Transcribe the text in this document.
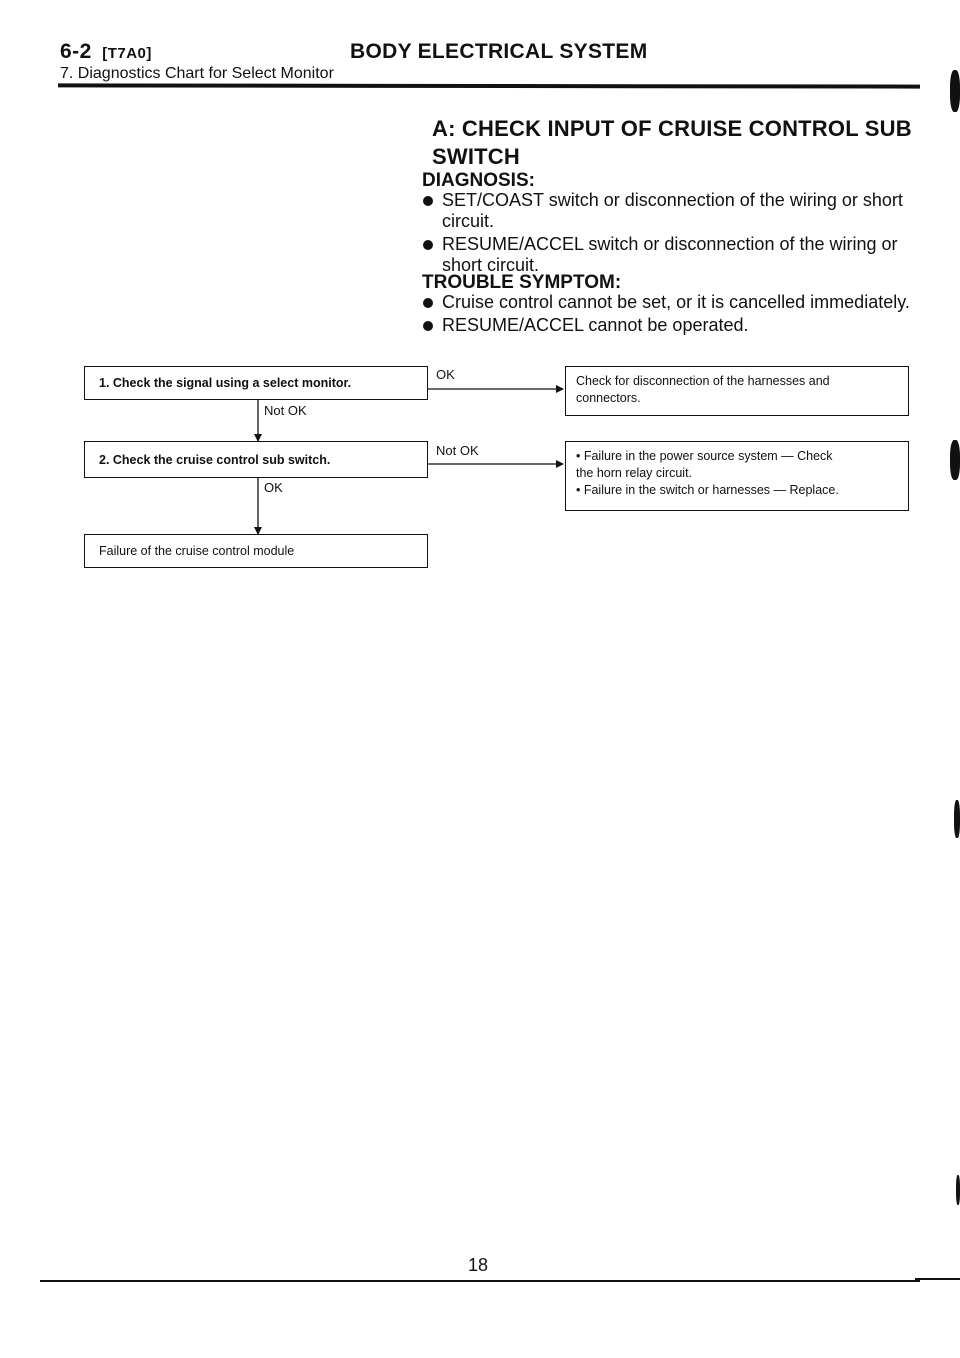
6-2 [T7A0]	BODY ELECTRICAL SYSTEM
7. Diagnostics Chart for Select Monitor
A: CHECK INPUT OF CRUISE CONTROL SUB SWITCH
DIAGNOSIS:
SET/COAST switch or disconnection of the wiring or short circuit.
RESUME/ACCEL switch or disconnection of the wiring or short circuit.
TROUBLE SYMPTOM:
Cruise control cannot be set, or it is cancelled immediately.
RESUME/ACCEL cannot be operated.
1. Check the signal using a select monitor.
OK
Not OK
Check for disconnection of the harnesses and
connectors.
2. Check the cruise control sub switch.
Not OK
OK
• Failure in the power source system — Check
the horn relay circuit.
• Failure in the switch or harnesses — Replace.
Failure of the cruise control module
18
